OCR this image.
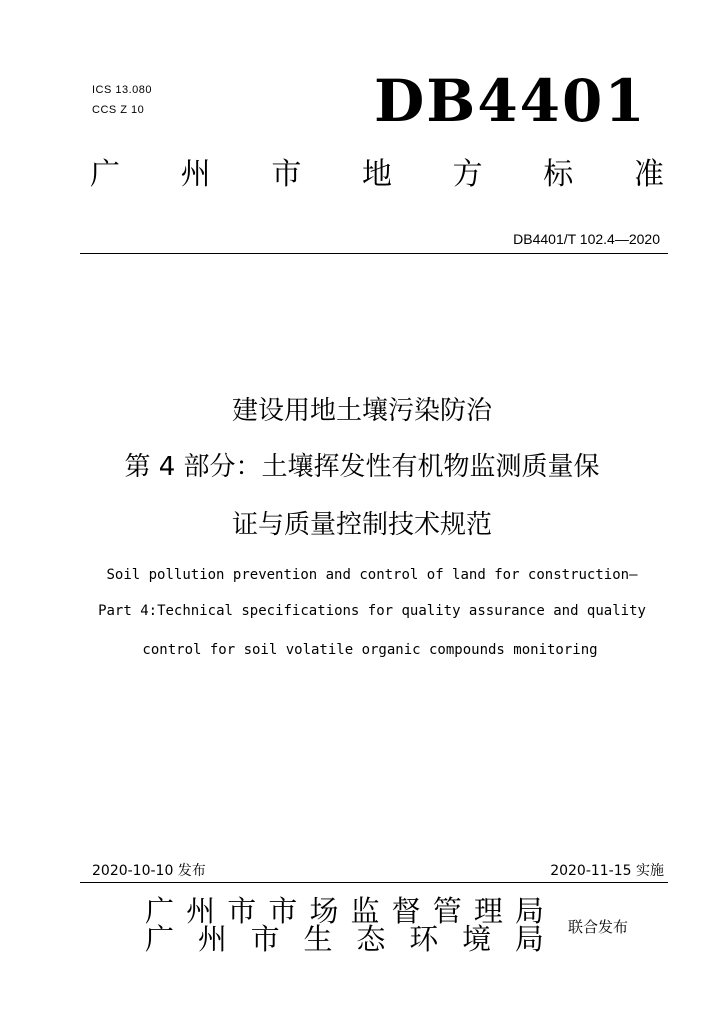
ICS 13.080
CCS Z 10	DB4401
广 州 市 地 方 标 准
DB4401/T 102.4—2020
建设用地土壤污染防治
第 4 部分：土壤挥发性有机物监测质量保
证与质量控制技术规范
Soil pollution prevention and control of land for construction—
Part 4:Technical specifications for quality assurance and quality
control for soil volatile organic compounds monitoring
2020-10-10 发布	2020-11-15 实施
广 州 市 市 场 监 督 管 理 局
广 州 市 生 态 环 境 局 联合发布
